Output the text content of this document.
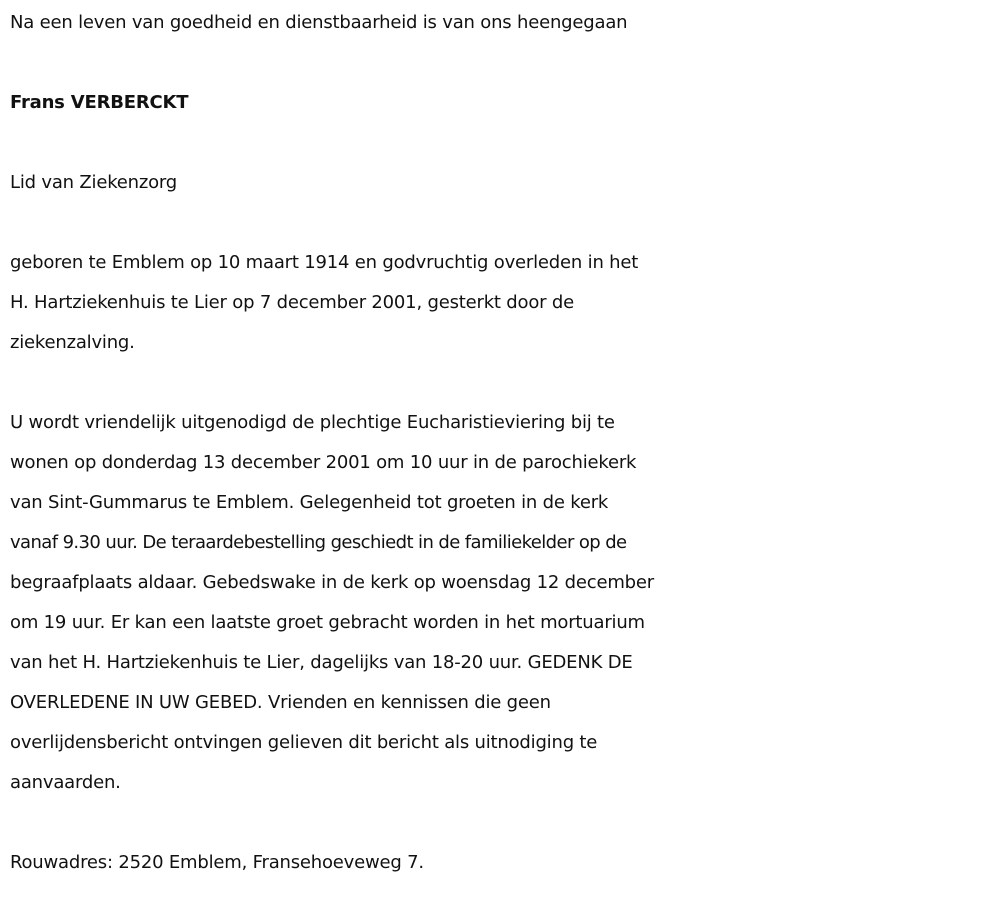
Na een leven van goedheid en dienstbaarheid is van ons heengegaan

Frans VERBERCKT

Lid van Ziekenzorg

geboren te Emblem op 10 maart 1914 en godvruchtig overleden in het

H. Hartziekenhuis te Lier op 7 december 2001, gesterkt door de

ziekenzalving.

U wordt vriendelijk uitgenodigd de plechtige Eucharistieviering bij te

wonen op donderdag 13 december 2001 om 10 uur in de parochiekerk

van Sint-Gummarus te Emblem. Gelegenheid tot groeten in de kerk

vanaf 9.30 uur. De teraardebestelling geschiedt in de familiekelder op de

begraafplaats aldaar. Gebedswake in de kerk op woensdag 12 december

om 19 uur. Er kan een laatste groet gebracht worden in het mortuarium

van het H. Hartziekenhuis te Lier, dagelijks van 18-20 uur. GEDENK DE

OVERLEDENE IN UW GEBED. Vrienden en kennissen die geen

overlijdensbericht ontvingen gelieven dit bericht als uitnodiging te

aanvaarden.

Rouwadres: 2520 Emblem, Fransehoeveweg 7.
